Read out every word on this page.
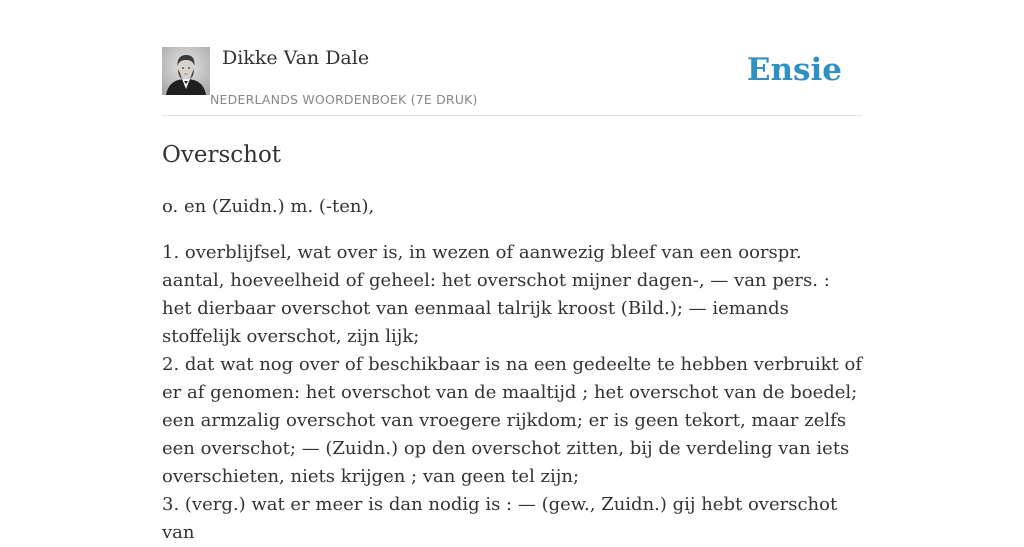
Dikke Van Dale
NEDERLANDS WOORDENBOEK (7E DRUK)
Ensie
Overschot
o. en (Zuidn.) m. (-ten),
1. overblijfsel, wat over is, in wezen of aanwezig bleef van een oorspr. aantal, hoeveelheid of geheel: het overschot mijner dagen-, — van pers. : het dierbaar overschot van eenmaal talrijk kroost (Bild.); — iemands stoffelijk overschot, zijn lijk;
2. dat wat nog over of beschikbaar is na een gedeelte te hebben verbruikt of er af genomen: het overschot van de maaltijd ; het overschot van de boedel; een armzalig overschot van vroegere rijkdom; er is geen tekort, maar zelfs een overschot; — (Zuidn.) op den overschot zitten, bij de verdeling van iets overschieten, niets krijgen ; van geen tel zijn;
3. (verg.) wat er meer is dan nodig is : — (gew., Zuidn.) gij hebt overschot van
